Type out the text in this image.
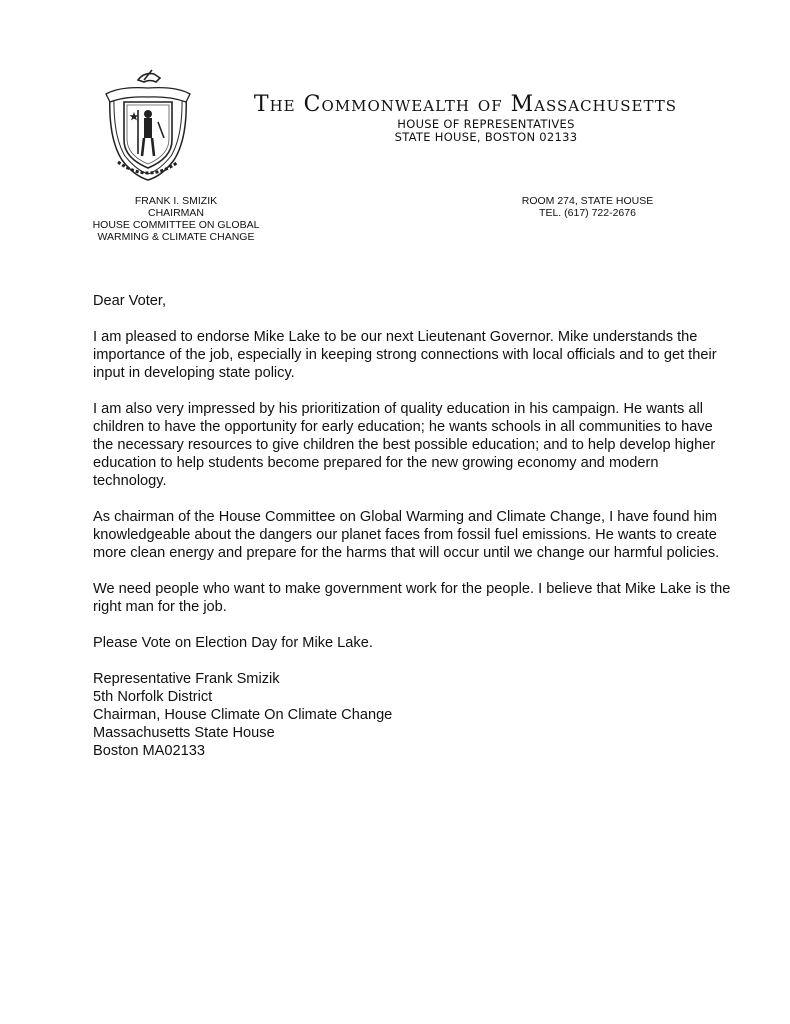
The Commonwealth of Massachusetts
HOUSE OF REPRESENTATIVES
STATE HOUSE, BOSTON 02133
FRANK I. SMIZIK
CHAIRMAN
HOUSE COMMITTEE ON GLOBAL
WARMING & CLIMATE CHANGE
ROOM 274, STATE HOUSE
TEL. (617) 722-2676

Dear Voter,

I am pleased to endorse Mike Lake to be our next Lieutenant Governor. Mike understands the importance of the job, especially in keeping strong connections with local officials and to get their input in developing state policy.

I am also very impressed by his prioritization of quality education in his campaign. He wants all children to have the opportunity for early education; he wants schools in all communities to have the necessary resources to give children the best possible education; and to help develop higher education to help students become prepared for the new growing economy and modern technology.

As chairman of the House Committee on Global Warming and Climate Change, I have found him knowledgeable about the dangers our planet faces from fossil fuel emissions. He wants to create more clean energy and prepare for the harms that will occur until we change our harmful policies.

We need people who want to make government work for the people. I believe that Mike Lake is the right man for the job.

Please Vote on Election Day for Mike Lake.

Representative Frank Smizik
5th Norfolk District
Chairman, House Climate On Climate Change
Massachusetts State House
Boston MA02133
